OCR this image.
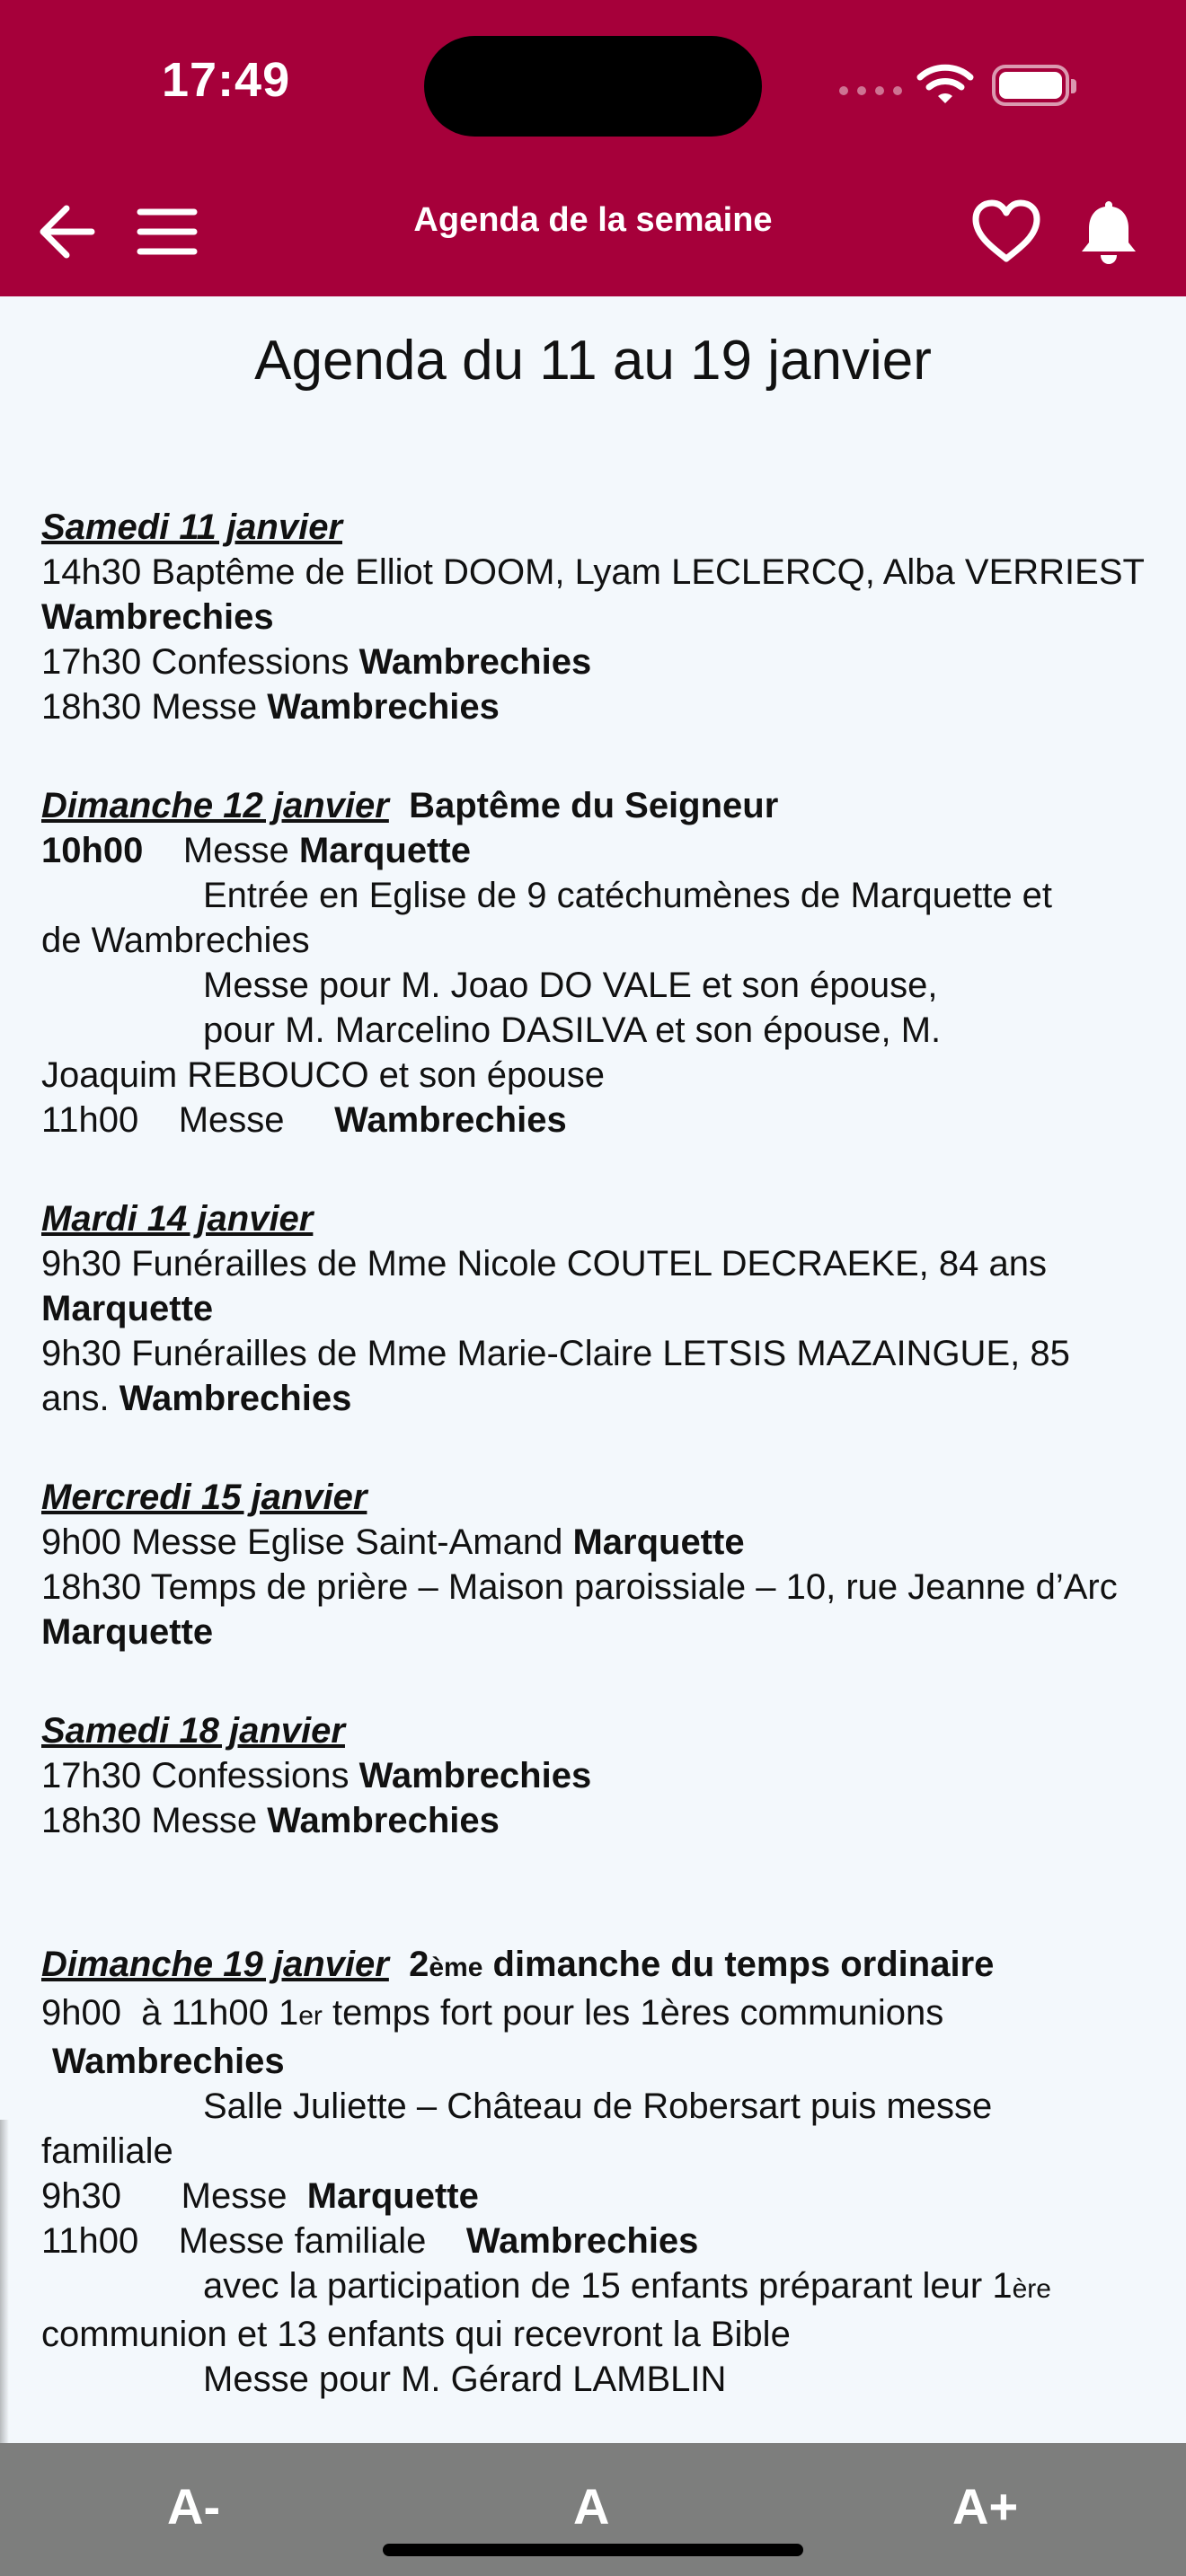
17:49
Agenda de la semaine
Agenda du 11 au 19 janvier
Samedi 11 janvier
14h30 Baptême de Elliot DOOM, Lyam LECLERCQ, Alba VERRIEST Wambrechies
17h30 Confessions Wambrechies
18h30 Messe Wambrechies
Dimanche 12 janvier Baptême du Seigneur
10h00    Messe Marquette
Entrée en Eglise de 9 catéchumènes de Marquette et
de Wambrechies
Messe pour M. Joao DO VALE et son épouse,
pour M. Marcelino DASILVA et son épouse, M.
Joaquim REBOUCO et son épouse
11h00    Messe     Wambrechies
Mardi 14 janvier
9h30 Funérailles de Mme Nicole COUTEL DECRAEKE, 84 ans Marquette
9h30 Funérailles de Mme Marie-Claire LETSIS MAZAINGUE, 85 ans. Wambrechies
Mercredi 15 janvier
9h00 Messe Eglise Saint-Amand Marquette
18h30 Temps de prière – Maison paroissiale – 10, rue Jeanne d’Arc Marquette
Samedi 18 janvier
17h30 Confessions Wambrechies
18h30 Messe Wambrechies
Dimanche 19 janvier 2ème dimanche du temps ordinaire
9h00  à 11h00 1er temps fort pour les 1ères communions
Wambrechies
Salle Juliette – Château de Robersart puis messe
familiale
9h30      Messe  Marquette
11h00    Messe familiale    Wambrechies
avec la participation de 15 enfants préparant leur 1ère
communion et 13 enfants qui recevront la Bible
Messe pour M. Gérard LAMBLIN
A-	A	A+
